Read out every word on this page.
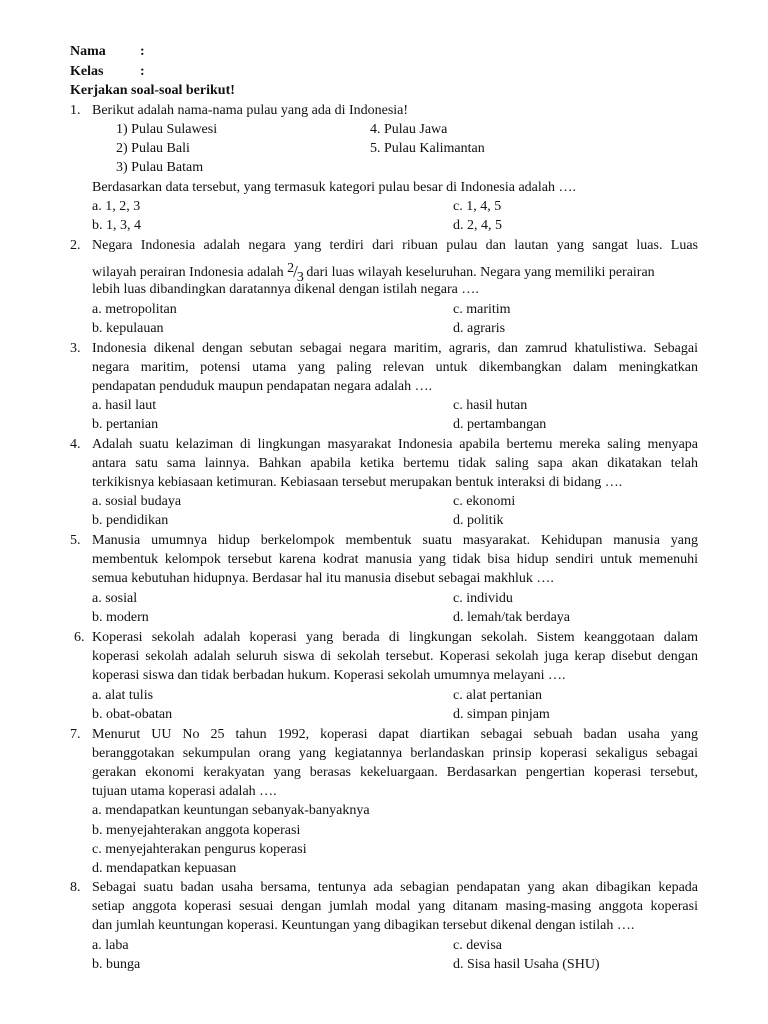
Nama :
Kelas	:
Kerjakan soal-soal berikut!
1. Berikut adalah nama-nama pulau yang ada di Indonesia!
1) Pulau Sulawesi
2) Pulau Bali
3) Pulau Batam
4. Pulau Jawa
5. Pulau Kalimantan
Berdasarkan data tersebut, yang termasuk kategori pulau besar di Indonesia adalah ….
a. 1, 2, 3
b. 1, 3, 4
c. 1, 4, 5
d. 2, 4, 5
2. Negara Indonesia adalah negara yang terdiri dari ribuan pulau dan lautan yang sangat luas. Luas
wilayah perairan Indonesia adalah $^2/_3$ dari luas wilayah keseluruhan. Negara yang memiliki perairan
lebih luas dibandingkan daratannya dikenal dengan istilah negara ….
a. metropolitan
b. kepulauan
c. maritim
d. agraris
3. Indonesia dikenal dengan sebutan sebagai negara maritim, agraris, dan zamrud khatulistiwa. Sebagai
negara maritim, potensi utama yang paling relevan untuk dikembangkan dalam meningkatkan
pendapatan penduduk maupun pendapatan negara adalah ….
a. hasil laut
b. pertanian
c. hasil hutan
d. pertambangan
4. Adalah suatu kelaziman di lingkungan masyarakat Indonesia apabila bertemu mereka saling menyapa
antara satu sama lainnya. Bahkan apabila ketika bertemu tidak saling sapa akan dikatakan telah
terkikisnya kebiasaan ketimuran. Kebiasaan tersebut merupakan bentuk interaksi di bidang ….
a. sosial budaya
b. pendidikan
c. ekonomi
d. politik
5. Manusia umumnya hidup berkelompok membentuk suatu masyarakat. Kehidupan manusia yang
membentuk kelompok tersebut karena kodrat manusia yang tidak bisa hidup sendiri untuk memenuhi
semua kebutuhan hidupnya. Berdasar hal itu manusia disebut sebagai makhluk ….
a. sosial
b. modern
c. individu
d. lemah/tak berdaya
6. Koperasi sekolah adalah koperasi yang berada di lingkungan sekolah. Sistem keanggotaan dalam
koperasi sekolah adalah seluruh siswa di sekolah tersebut. Koperasi sekolah juga kerap disebut dengan
koperasi siswa dan tidak berbadan hukum. Koperasi sekolah umumnya melayani ….
a. alat tulis
b. obat-obatan
c. alat pertanian
d. simpan pinjam
7. Menurut UU No 25 tahun 1992, koperasi dapat diartikan sebagai sebuah badan usaha yang
beranggotakan sekumpulan orang yang kegiatannya berlandaskan prinsip koperasi sekaligus sebagai
gerakan ekonomi kerakyatan yang berasas kekeluargaan. Berdasarkan pengertian koperasi tersebut,
tujuan utama koperasi adalah ….
a. mendapatkan keuntungan sebanyak-banyaknya
b. menyejahterakan anggota koperasi
c. menyejahterakan pengurus koperasi
d. mendapatkan kepuasan
8. Sebagai suatu badan usaha bersama, tentunya ada sebagian pendapatan yang akan dibagikan kepada
setiap anggota koperasi sesuai dengan jumlah modal yang ditanam masing-masing anggota koperasi
dan jumlah keuntungan koperasi. Keuntungan yang dibagikan tersebut dikenal dengan istilah ….
a. laba
b. bunga
c. devisa
d. Sisa hasil Usaha (SHU)
